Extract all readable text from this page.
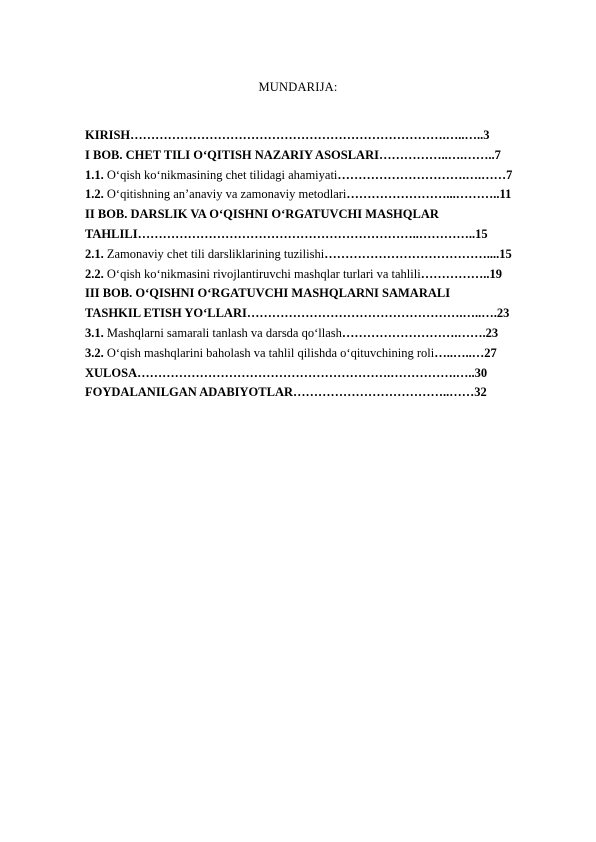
MUNDARIJA:
KIRISH………………………………………………………………….…..…..3
I BOB. CHET TILI O‘QITISH NAZARIY ASOSLARI……………..….……..7
1.1. O‘qish ko‘nikmasining chet tilidagi ahamiyati………………………….….……7
1.2. O‘qitishning an’anaviy va zamonaviy metodlari……………………...………..11
II BOB. DARSLIK VA O‘QISHNI O‘RGATUVCHI MASHQLAR
TAHLILI…………………………………………………………..…………..15
2.1. Zamonaviy chet tili darsliklarining tuzilishi…………………………………....15
2.2. O‘qish ko‘nikmasini rivojlantiruvchi mashqlar turlari va tahlili……………..19
III BOB. O‘QISHNI O‘RGATUVCHI MASHQLARNI SAMARALI
TASHKIL ETISH YO‘LLARI…………………………………………….…..….23
3.1. Mashqlarni samarali tanlash va darsda qo‘llash……………………….…….23
3.2. O‘qish mashqlarini baholash va tahlil qilishda o‘qituvchining roli…..…..…27
XULOSA…………………………………………………….…………….…..30
FOYDALANILGAN ADABIYOTLAR………………………………..……32
